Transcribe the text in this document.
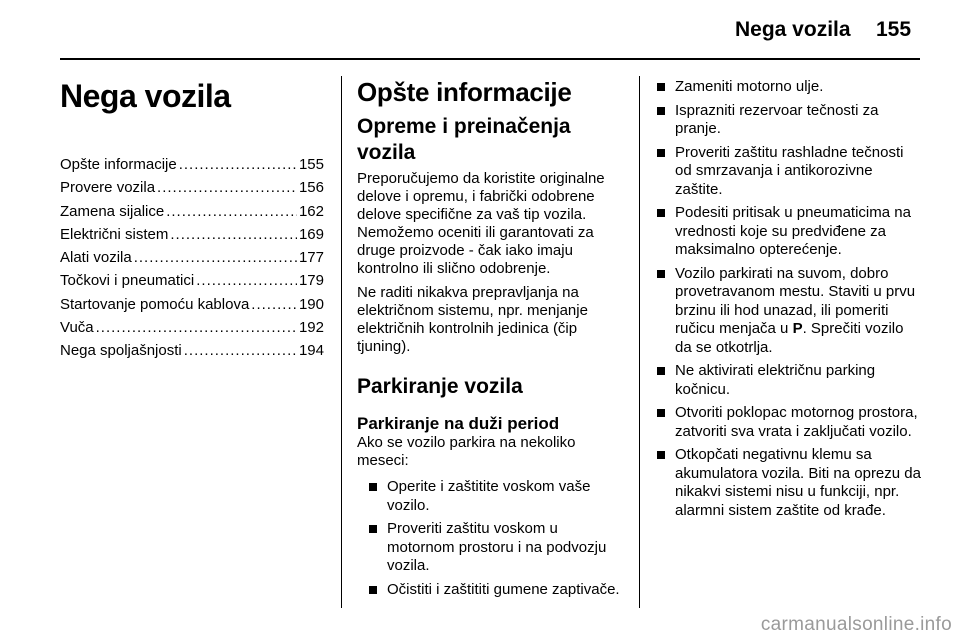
Nega vozila 155
Nega vozila
Opšte informacije .....	155
Provere vozila .....	156
Zamena sijalice .....	162
Električni sistem .....	169
Alati vozila .....	177
Točkovi i pneumatici .....	179
Startovanje pomoću kablova .....	190
Vuča .....	192
Nega spoljašnjosti .....	194
Opšte informacije
Opreme i preinačenja vozila

Preporučujemo da koristite originalne delove i opremu, i fabrički odobrene delove specifične za vaš tip vozila. Nemožemo oceniti ili garantovati za druge proizvode - čak iako imaju kontrolno ili slično odobrenje.

Ne raditi nikakva prepravljanja na električnom sistemu, npr. menjanje električnih kontrolnih jedinica (čip tjuning).

Parkiranje vozila
Parkiranje na duži period

Ako se vozilo parkira na nekoliko meseci:

Operite i zaštitite voskom vaše vozilo.
Proveriti zaštitu voskom u motornom prostoru i na podvozju vozila.
Očistiti i zaštititi gumene zaptivače.
Zameniti motorno ulje.
Isprazniti rezervoar tečnosti za pranje.
Proveriti zaštitu rashladne tečnosti od smrzavanja i antikorozivne zaštite.
Podesiti pritisak u pneumaticima na vrednosti koje su predviđene za maksimalno opterećenje.
Vozilo parkirati na suvom, dobro provetravanom mestu. Staviti u prvu brzinu ili hod unazad, ili pomeriti ručicu menjača u P. Sprečiti vozilo da se otkotrlja.
Ne aktivirati električnu parking kočnicu.
Otvoriti poklopac motornog prostora, zatvoriti sva vrata i zaključati vozilo.
Otkopčati negativnu klemu sa akumulatora vozila. Biti na oprezu da nikakvi sistemi nisu u funkciji, npr. alarmni sistem zaštite od krađe.
carmanualsonline.info
